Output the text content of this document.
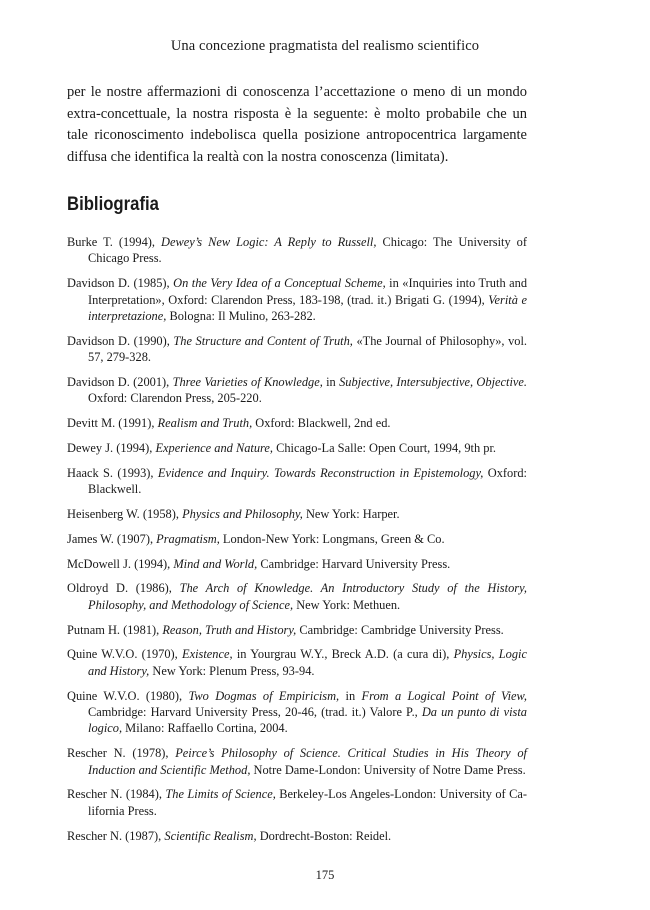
Una concezione pragmatista del realismo scientifico

per le nostre affermazioni di conoscenza l’accettazione o meno di un mondo extra-concettuale, la nostra risposta è la seguente: è molto probabile che un tale riconoscimento indebolisca quella posizione antropocentrica largamente diffusa che identifica la realtà con la nostra conoscenza (limitata).

Bibliografia
Burke T. (1994), Dewey’s New Logic: A Reply to Russell, Chicago: The University of Chicago Press.
Davidson D. (1985), On the Very Idea of a Conceptual Scheme, in «Inquiries into Truth and Interpretation», Oxford: Clarendon Press, 183-198, (trad. it.) Brigati G. (1994), Verità e interpretazione, Bologna: Il Mulino, 263-282.
Davidson D. (1990), The Structure and Content of Truth, «The Journal of Philosophy», vol. 57, 279-328.
Davidson D. (2001), Three Varieties of Knowledge, in Subjective, Intersubjective, Objective. Oxford: Clarendon Press, 205-220.
Devitt M. (1991), Realism and Truth, Oxford: Blackwell, 2nd ed.
Dewey J. (1994), Experience and Nature, Chicago-La Salle: Open Court, 1994, 9th pr.
Haack S. (1993), Evidence and Inquiry. Towards Reconstruction in Epistemology, Oxford: Blackwell.
Heisenberg W. (1958), Physics and Philosophy, New York: Harper.
James W. (1907), Pragmatism, London-New York: Longmans, Green & Co.
McDowell J. (1994), Mind and World, Cambridge: Harvard University Press.
Oldroyd D. (1986), The Arch of Knowledge. An Introductory Study of the History, Philosophy, and Methodology of Science, New York: Methuen.
Putnam H. (1981), Reason, Truth and History, Cambridge: Cambridge University Press.
Quine W.V.O. (1970), Existence, in Yourgrau W.Y., Breck A.D. (a cura di), Physics, Logic and History, New York: Plenum Press, 93-94.
Quine W.V.O. (1980), Two Dogmas of Empiricism, in From a Logical Point of View, Cambridge: Harvard University Press, 20-46, (trad. it.) Valore P., Da un punto di vista logico, Milano: Raffaello Cortina, 2004.
Rescher N. (1978), Peirce’s Philosophy of Science. Critical Studies in His Theory of Induction and Scientific Method, Notre Dame-London: University of Notre Dame Press.
Rescher N. (1984), The Limits of Science, Berkeley-Los Angeles-London: University of California Press.
Rescher N. (1987), Scientific Realism, Dordrecht-Boston: Reidel.
175
